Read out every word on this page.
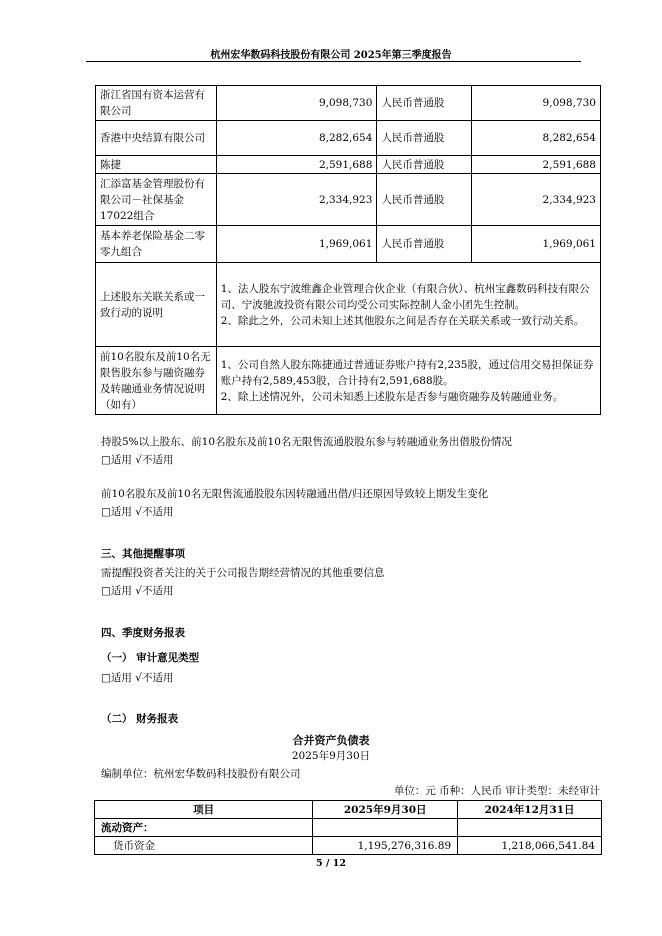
杭州宏华数码科技股份有限公司 2025年第三季度报告
浙江省国有资本运营有限公司	9,098,730	人民币普通股	9,098,730
香港中央结算有限公司	8,282,654	人民币普通股	8,282,654
陈捷	2,591,688	人民币普通股	2,591,688
汇添富基金管理股份有限公司－社保基金17022组合	2,334,923	人民币普通股	2,334,923
基本养老保险基金二零零九组合	1,969,061	人民币普通股	1,969,061
上述股东关联关系或一致行动的说明	1、法人股东宁波维鑫企业管理合伙企业（有限合伙）、杭州宝鑫数码科技有限公司、宁波驰波投资有限公司均受公司实际控制人金小团先生控制。
2、除此之外，公司未知上述其他股东之间是否存在关联关系或一致行动关系。		

前10名股东及前10名无限售股东参与融资融券及转融通业务情况说明（如有）	1、公司自然人股东陈捷通过普通证券账户持有2,235股，通过信用交易担保证券账户持有2,589,453股，合计持有2,591,688股。
2、除上述情况外，公司未知悉上述股东是否参与融资融券及转融通业务。		
持股5%以上股东、前10名股东及前10名无限售流通股股东参与转融通业务出借股份情况
□适用 √不适用
前10名股东及前10名无限售流通股股东因转融通出借/归还原因导致较上期发生变化
□适用 √不适用
三、其他提醒事项
需提醒投资者关注的关于公司报告期经营情况的其他重要信息
□适用 √不适用
四、季度财务报表
（一） 审计意见类型
□适用 √不适用
（二） 财务报表
合并资产负债表
2025年9月30日
编制单位：杭州宏华数码科技股份有限公司
单位：元 币种：人民币 审计类型：未经审计
项目	2025年9月30日	2024年12月31日
流动资产：		
货币资金	1,195,276,316.89	1,218,066,541.84
5 / 12
